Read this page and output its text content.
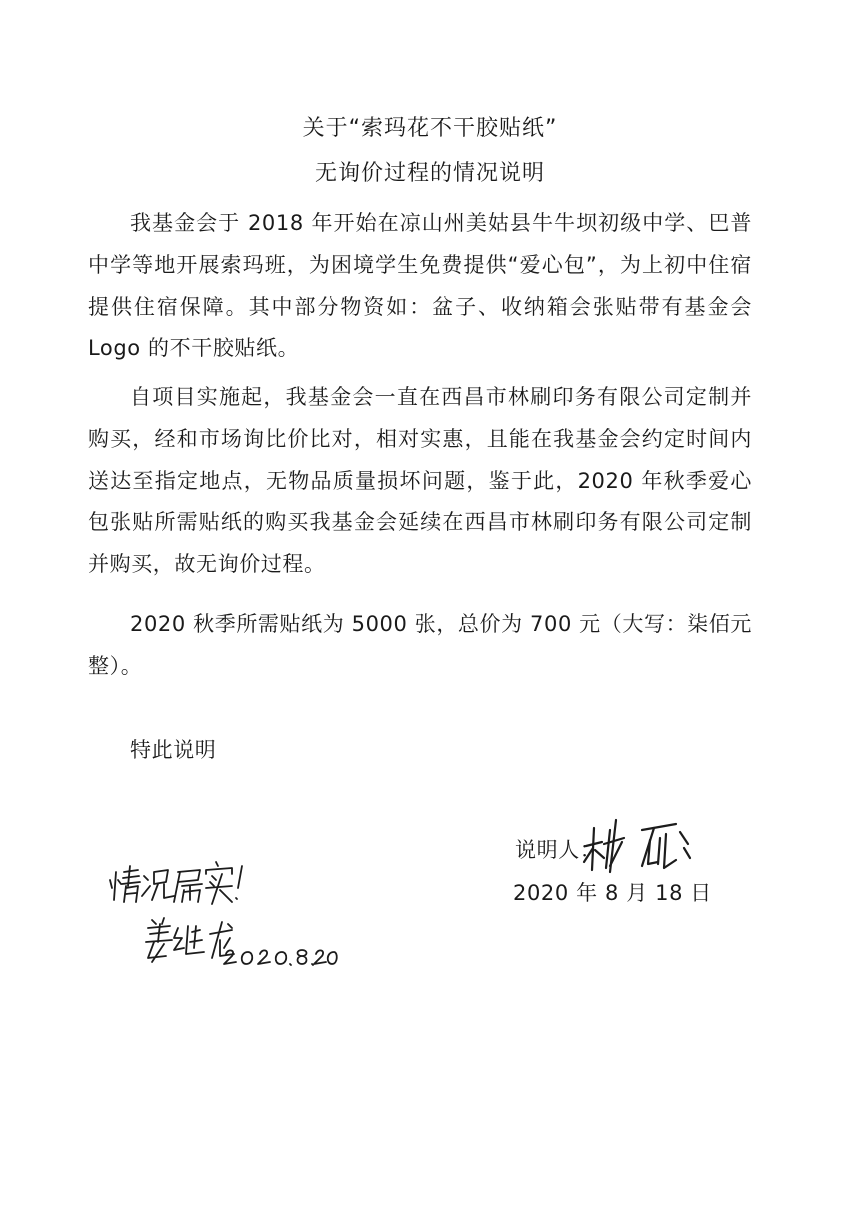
关于“索玛花不干胶贴纸”
无询价过程的情况说明

我基金会于 2018 年开始在凉山州美姑县牛牛坝初级中学、巴普中学等地开展索玛班，为困境学生免费提供“爱心包”，为上初中住宿提供住宿保障。其中部分物资如：盆子、收纳箱会张贴带有基金会 Logo 的不干胶贴纸。

自项目实施起，我基金会一直在西昌市林刷印务有限公司定制并购买，经和市场询比价比对，相对实惠，且能在我基金会约定时间内送达至指定地点，无物品质量损坏问题，鉴于此，2020 年秋季爱心包张贴所需贴纸的购买我基金会延续在西昌市林刷印务有限公司定制并购买，故无询价过程。

2020 秋季所需贴纸为 5000 张，总价为 700 元（大写：柒佰元整）。

特此说明
说明人：
2020 年 8 月 18 日
